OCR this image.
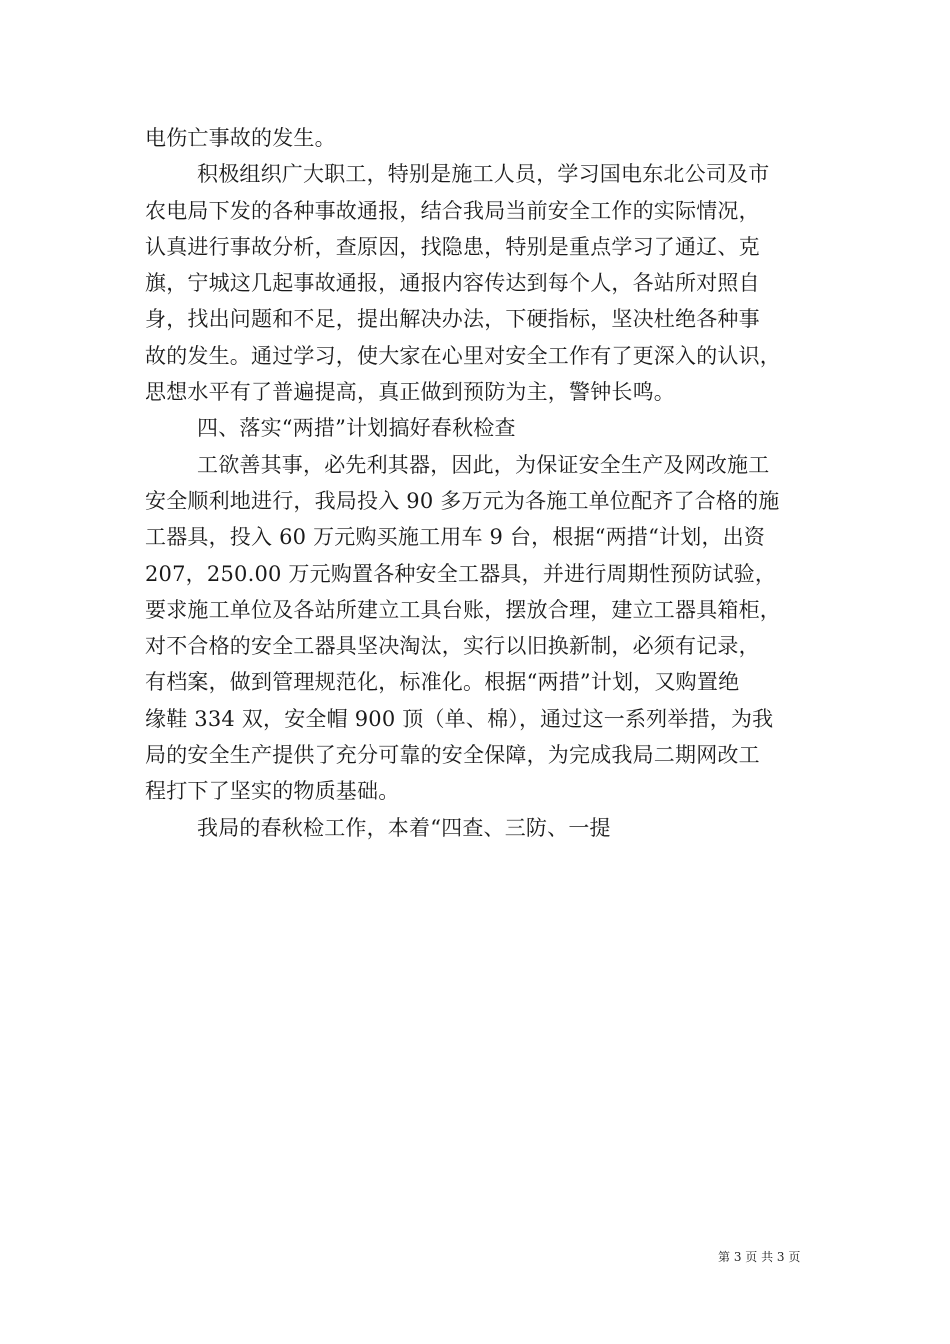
电伤亡事故的发生。
积极组织广大职工，特别是施工人员，学习国电东北公司及市
农电局下发的各种事故通报，结合我局当前安全工作的实际情况，
认真进行事故分析，查原因，找隐患，特别是重点学习了通辽、克
旗，宁城这几起事故通报，通报内容传达到每个人，各站所对照自
身，找出问题和不足，提出解决办法，下硬指标，坚决杜绝各种事
故的发生。通过学习，使大家在心里对安全工作有了更深入的认识，
思想水平有了普遍提高，真正做到预防为主，警钟长鸣。
四、落实“两措”计划搞好春秋检查
工欲善其事，必先利其器，因此，为保证安全生产及网改施工
安全顺利地进行，我局投入 90 多万元为各施工单位配齐了合格的施
工器具，投入 60 万元购买施工用车 9 台，根据“两措“计划，出资
207，250.00 万元购置各种安全工器具，并进行周期性预防试验，
要求施工单位及各站所建立工具台账，摆放合理，建立工器具箱柜，
对不合格的安全工器具坚决淘汰，实行以旧换新制，必须有记录，
有档案，做到管理规范化，标准化。根据“两措”计划，又购置绝
缘鞋 334 双，安全帽 900 顶（单、棉），通过这一系列举措，为我
局的安全生产提供了充分可靠的安全保障，为完成我局二期网改工
程打下了坚实的物质基础。
我局的春秋检工作，本着“四查、三防、一提
第 3 页 共 3 页
